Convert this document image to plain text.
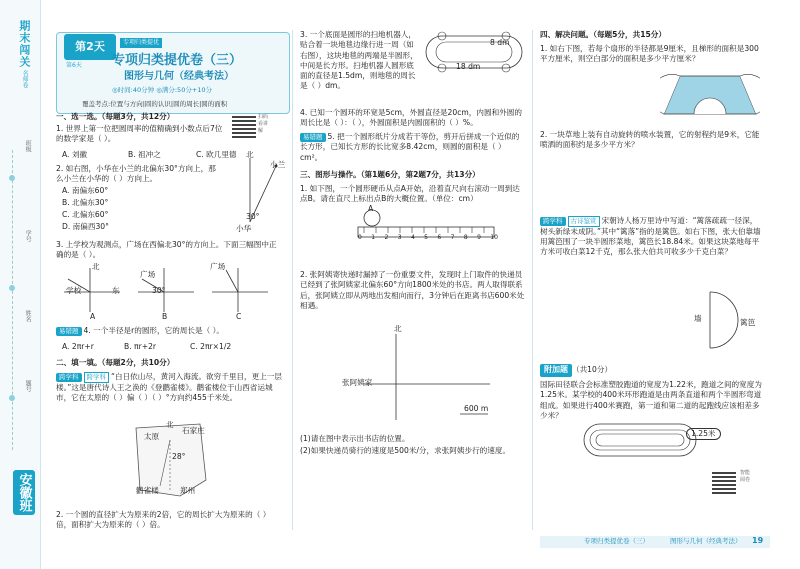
期末闯关
名师卷
班级
学号
姓名
题号
安徽班
第2天
第6天
专项归类提优
专项归类提优卷（三）
图形与几何（经典考法）
◎时间:40分钟 ◎满分:50分+10分
扫码看讲解
覆盖考点:位置与方向|圆的认识|圆的周长|圆的面积
一、选一选。（每题3分，共12分）
1. 世界上第一位把圆周率的值精确到小数点后7位的数学家是（ ）。
A. 刘徽	B. 祖冲之	C. 欧几里德
2. 如右图，小华在小兰的北偏东30°方向上，那么小兰在小华的（ ）方向上。
A. 南偏东60°
B. 北偏东30°
C. 北偏东60°
D. 南偏西30°
北
小兰
30°
小华
3. 上学校为观测点，广场在西偏北30°的方向上。下面三幅图中正确的是（ ）。
北
学校	东
广场
30°
广场
A	B	C
易错题 4. 一个半径是r的圆形，它的周长是（ ）。
A. 2πr+r	B. πr+2r	C. 2πr×1/2
二、填一填。（每题2分，共10分）
跨学科 跨学科 “白日依山尽，黄河入海流。欲穷千里目，更上一层楼。”这是唐代诗人王之涣的《登鹳雀楼》。鹳雀楼位于山西省运城市，它在太原的（ ）偏（ ）（ ）°方向约455千米处。
北
太原
石家庄
28°
郑州
鹳雀楼
2. 一个圆的直径扩大为原来的2倍，它的周长扩大为原来的（ ）倍，面积扩大为原来的（ ）倍。
3. 一个底面是圆形的扫地机器人，贴合着一块地毯边缘行进一周（如右图），这块地毯的两端是半圆形，中间是长方形。扫地机器人圆形底面的直径是1.5dm，则地毯的周长是（ ）dm。
18 dm
8 dm
4. 已知一个圆环的环宽是5cm，外圆直径是20cm，内圆和外圆的周长比是（ ）：（ ），外圆面积是内圆面积的（ ）%。
易错题 5. 把一个圆形纸片分成若干等份，剪开后拼成一个近似的长方形，已知长方形的长比宽多8.42cm，则圆的面积是（ ）cm²。
三、图形与操作。（第1题6分，第2题7分，共13分）
1. 如下图，一个圆形硬币从点A开始，沿着直尺向右滚动一周到达点B。请在直尺上标出点B的大概位置。（单位：cm）
A
0 1 2 3 4 5 6 7 8 9 10
2. 张阿姨寄快递时漏掉了一份重要文件，发现时上门取件的快递员已经到了张阿姨家北偏东60°方向1800米处的书店。两人取得联系后，张阿姨立即从两地出发相向而行，3分钟后在距离书店600米处相遇。
北
张阿姨家
600 m
(1)请在图中表示出书店的位置。
(2)如果快递员骑行的速度是500米/分，求张阿姨步行的速度。
四、解决问题。（每题5分，共15分）
1. 如右下图，若每个扇形的半径都是9厘米，且梯形的面积是300平方厘米，则空白部分的面积是多少平方厘米？
2. 一块草地上装有自动旋转的喷水装置，它的射程约是9米，它能喷洒的面积约是多少平方米？
跨学科 古诗鉴赏 宋朝诗人杨万里诗中写道：“篱落疏疏一径深，树头新绿未成阴。”其中“篱落”指的是篱笆。如右下图，张大伯靠墙用篱笆围了一块半圆形菜地，篱笆长18.84米。如果这块菜地每平方米可收白菜12千克，那么张大伯共可收多少千克白菜？
墙	篱笆
附加题 （共10分）
国际田径联合会标准塑胶跑道的宽度为1.22米，跑道之间的宽度为1.25米。某学校的400米环形跑道是由两条直道和两个半圆形弯道组成。如果进行400米赛跑，第一道和第二道的起跑线应该相差多少米？
1.25米
智能阅卷
专项归类提优卷（三）	图形与几何（经典考法） 19
